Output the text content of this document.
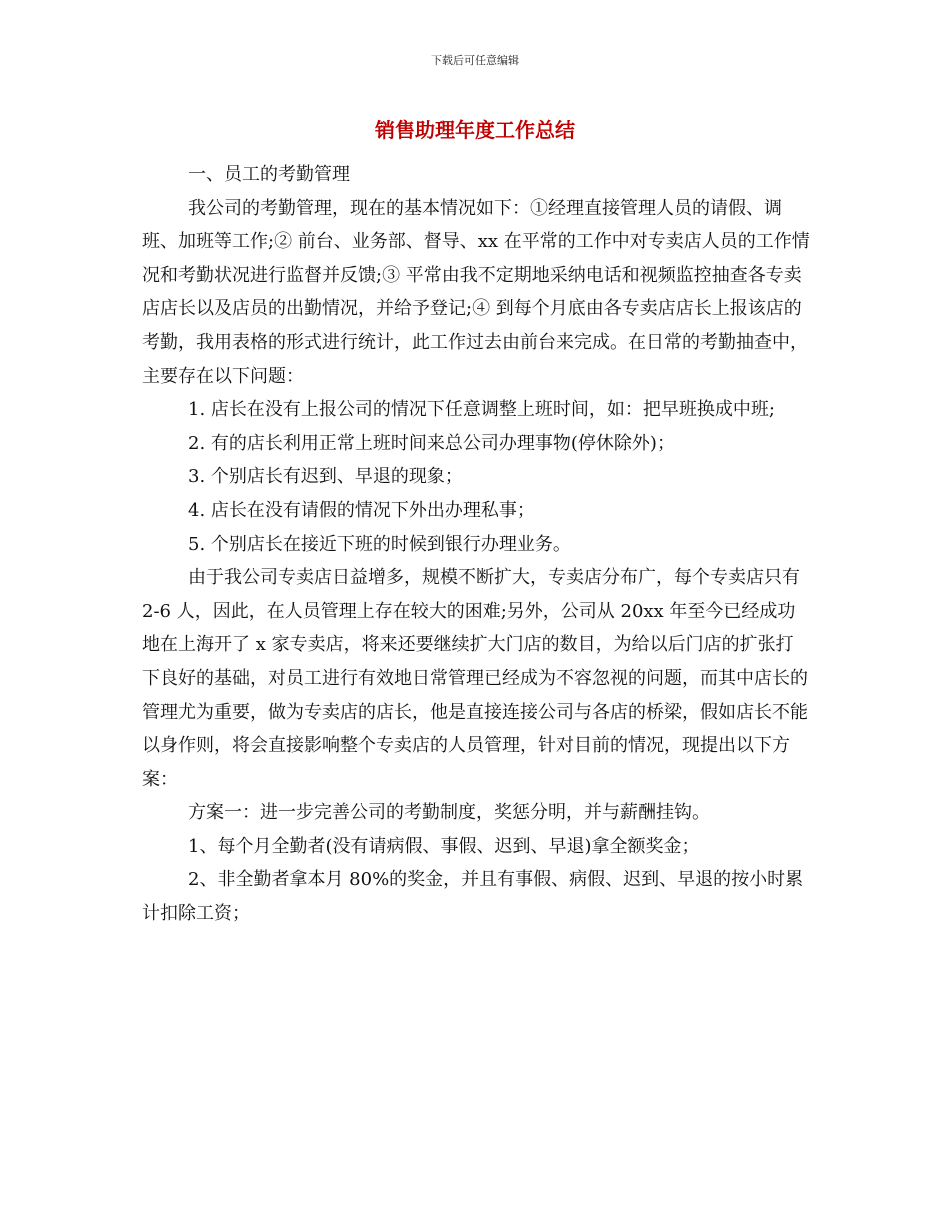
下载后可任意编辑
销售助理年度工作总结

一、员工的考勤管理

我公司的考勤管理，现在的基本情况如下：①经理直接管理人员的请假、调班、加班等工作;② 前台、业务部、督导、xx 在平常的工作中对专卖店人员的工作情况和考勤状况进行监督并反馈;③ 平常由我不定期地采纳电话和视频监控抽查各专卖店店长以及店员的出勤情况，并给予登记;④ 到每个月底由各专卖店店长上报该店的考勤，我用表格的形式进行统计，此工作过去由前台来完成。在日常的考勤抽查中，主要存在以下问题：

1. 店长在没有上报公司的情况下任意调整上班时间，如：把早班换成中班;

2. 有的店长利用正常上班时间来总公司办理事物(停休除外)；

3. 个别店长有迟到、早退的现象；

4. 店长在没有请假的情况下外出办理私事；

5. 个别店长在接近下班的时候到银行办理业务。

由于我公司专卖店日益增多，规模不断扩大，专卖店分布广，每个专卖店只有 2-6 人，因此，在人员管理上存在较大的困难;另外，公司从 20xx 年至今已经成功地在上海开了 x 家专卖店，将来还要继续扩大门店的数目，为给以后门店的扩张打下良好的基础，对员工进行有效地日常管理已经成为不容忽视的问题，而其中店长的管理尤为重要，做为专卖店的店长，他是直接连接公司与各店的桥梁，假如店长不能以身作则，将会直接影响整个专卖店的人员管理，针对目前的情况，现提出以下方案：

方案一：进一步完善公司的考勤制度，奖惩分明，并与薪酬挂钩。

1、每个月全勤者(没有请病假、事假、迟到、早退)拿全额奖金；

2、非全勤者拿本月 80%的奖金，并且有事假、病假、迟到、早退的按小时累计扣除工资；
